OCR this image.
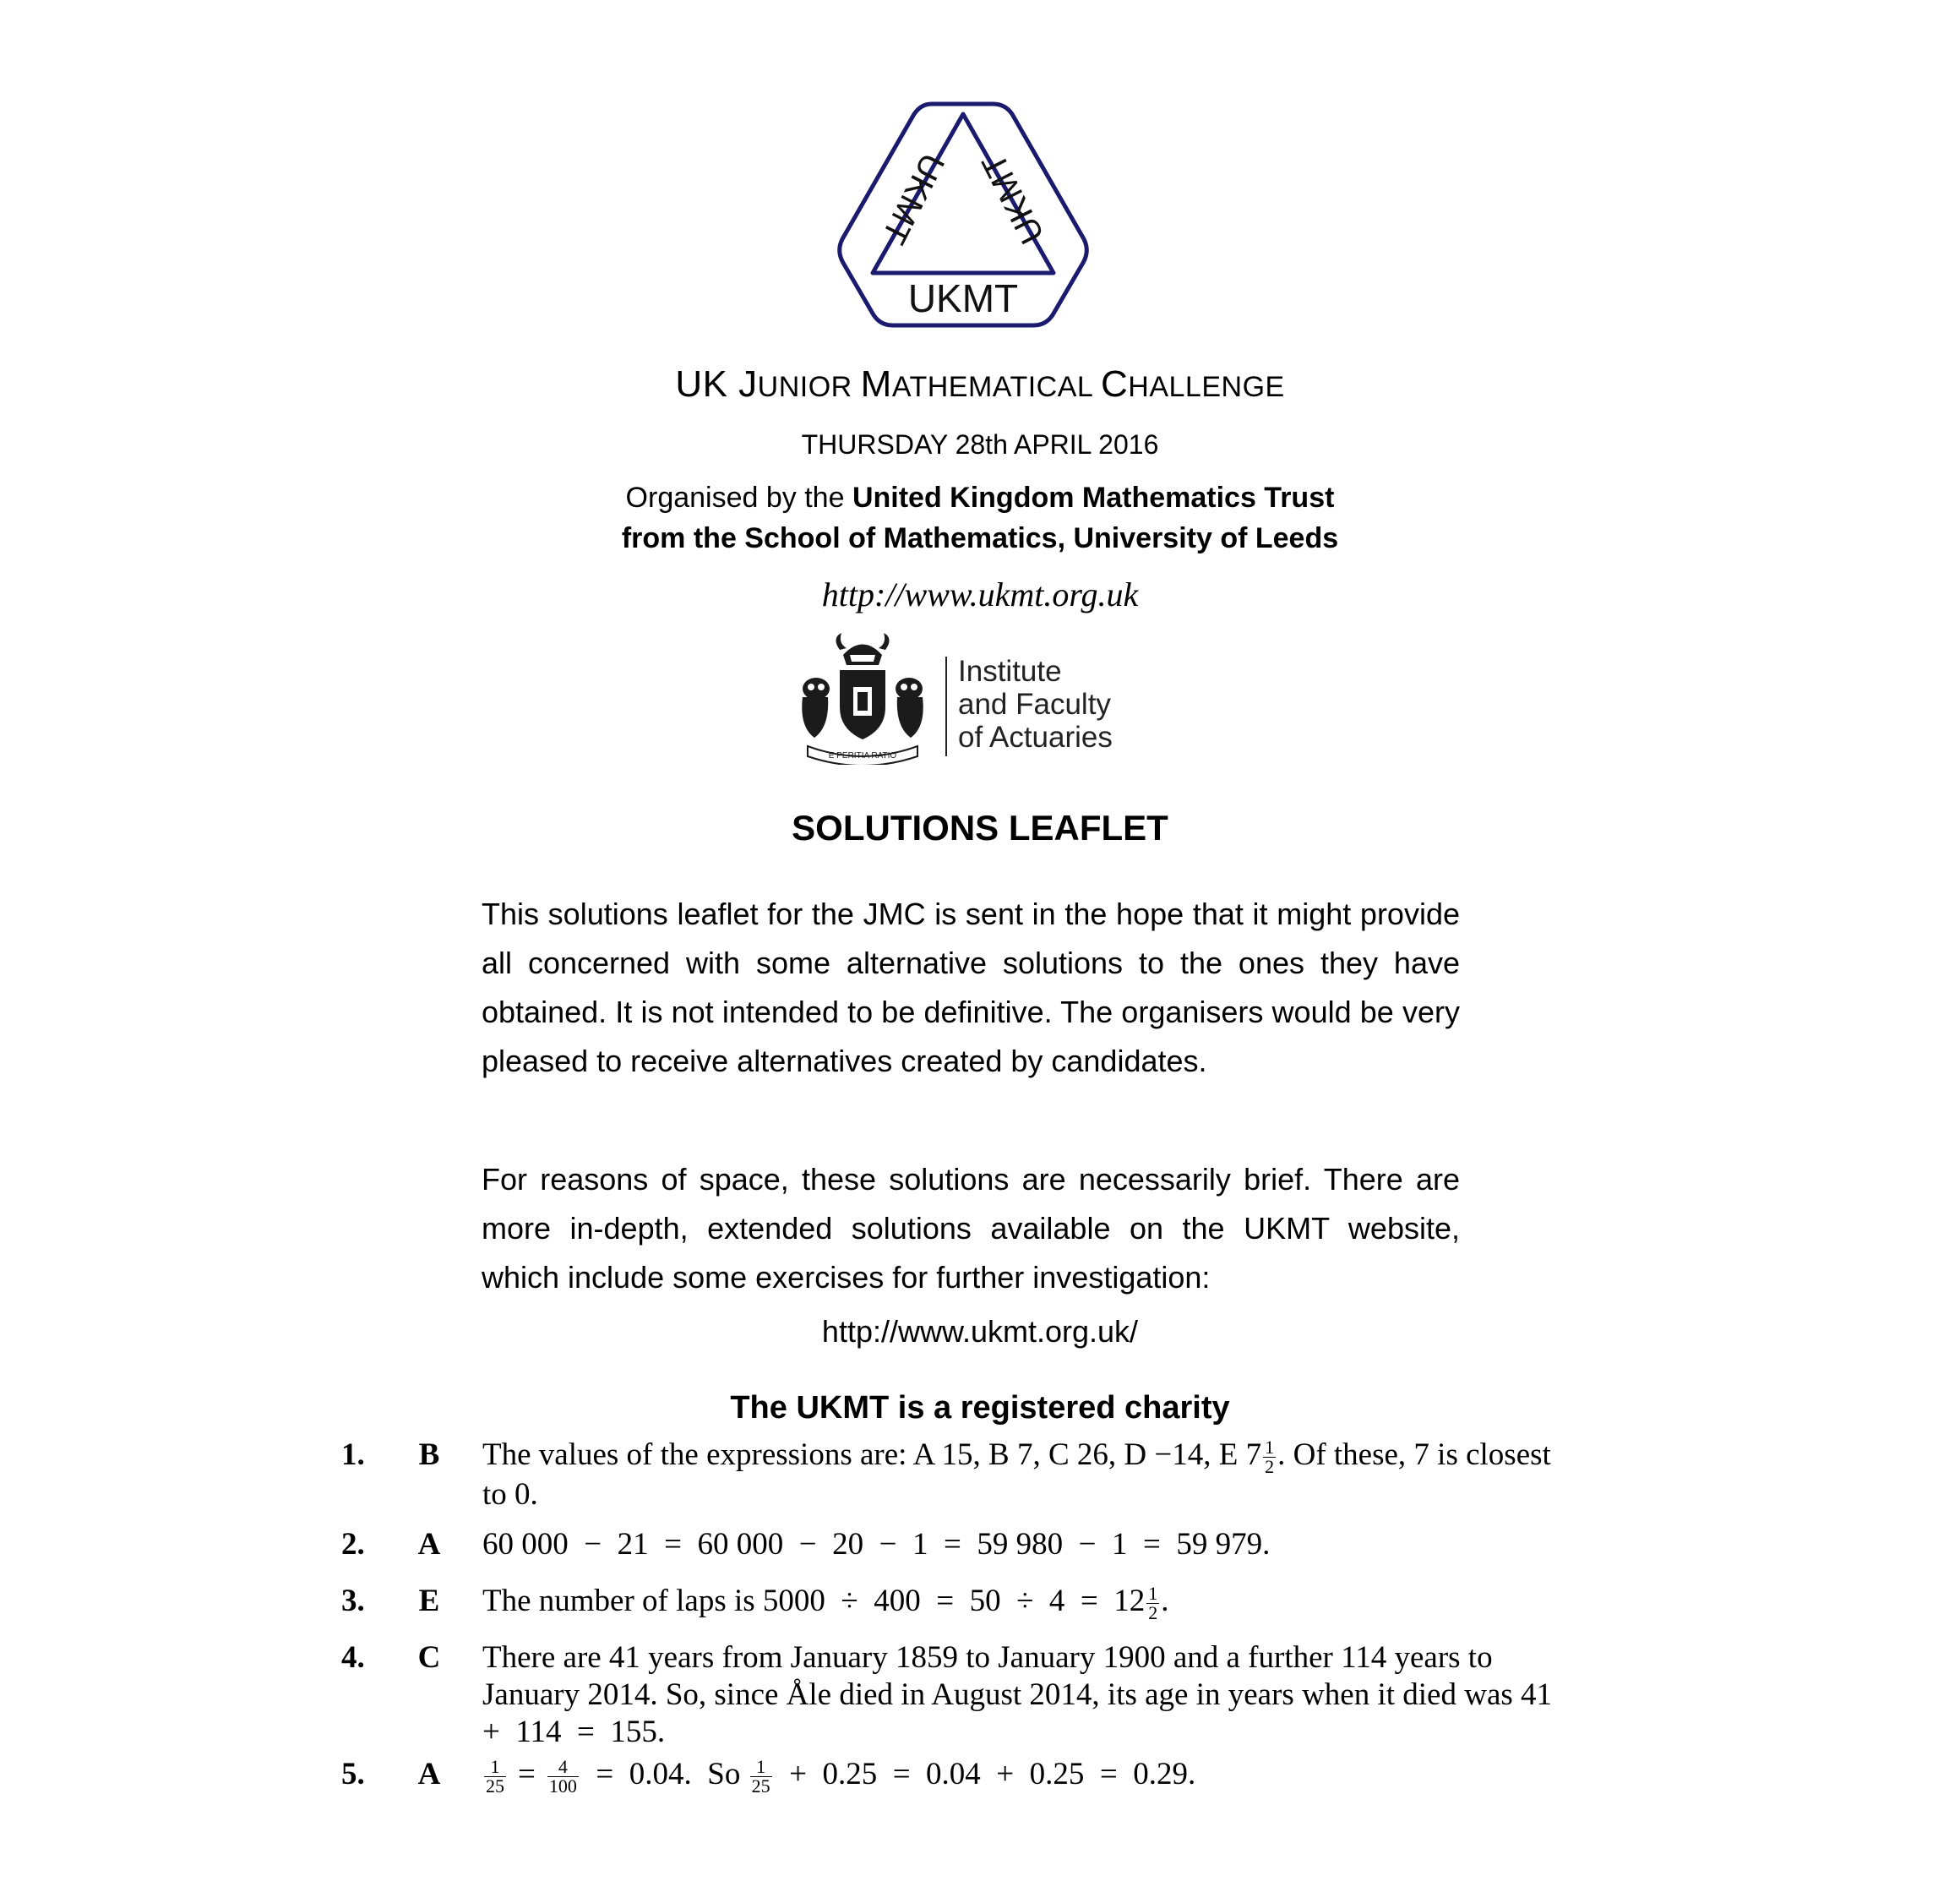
UKMT
UKMT UKMT
UK JUNIOR MATHEMATICAL CHALLENGE
THURSDAY 28th APRIL 2016
Organised by the United Kingdom Mathematics Trust
from the School of Mathematics, University of Leeds
http://www.ukmt.org.uk
E PERITIA RATIO
Institute
and Faculty
of Actuaries
SOLUTIONS LEAFLET
This solutions leaflet for the JMC is sent in the hope that it might provide all concerned with some alternative solutions to the ones they have obtained. It is not intended to be definitive. The organisers would be very pleased to receive alternatives created by candidates.
For reasons of space, these solutions are necessarily brief. There are more in-depth, extended solutions available on the UKMT website, which include some exercises for further investigation:
http://www.ukmt.org.uk/
The UKMT is a registered charity
1.	B The values of the expressions are: A 15, B 7, C 26, D −14, E $7 \frac{1}{2}$ . Of these, 7 is closest to 0.
2.	A 60 000  −  21  =  60 000  −  20  −  1  =  59 980  −  1  =  59 979.
3.	E The number of laps is $5000 \div 400 = 50 \div 4 = 12 \frac{1}{2}$ .
4.	C There are 41 years from January 1859 to January 1900 and a further 114 years to January 2014. So, since Åle died in August 2014, its age in years when it died was 41  +  114  =  155.
5.	A	$\frac{1}{25} = \frac{4}{100} = 0.04$.  So $\frac{1}{25} + 0.25 = 0.04 + 0.25 = 0.29$.
